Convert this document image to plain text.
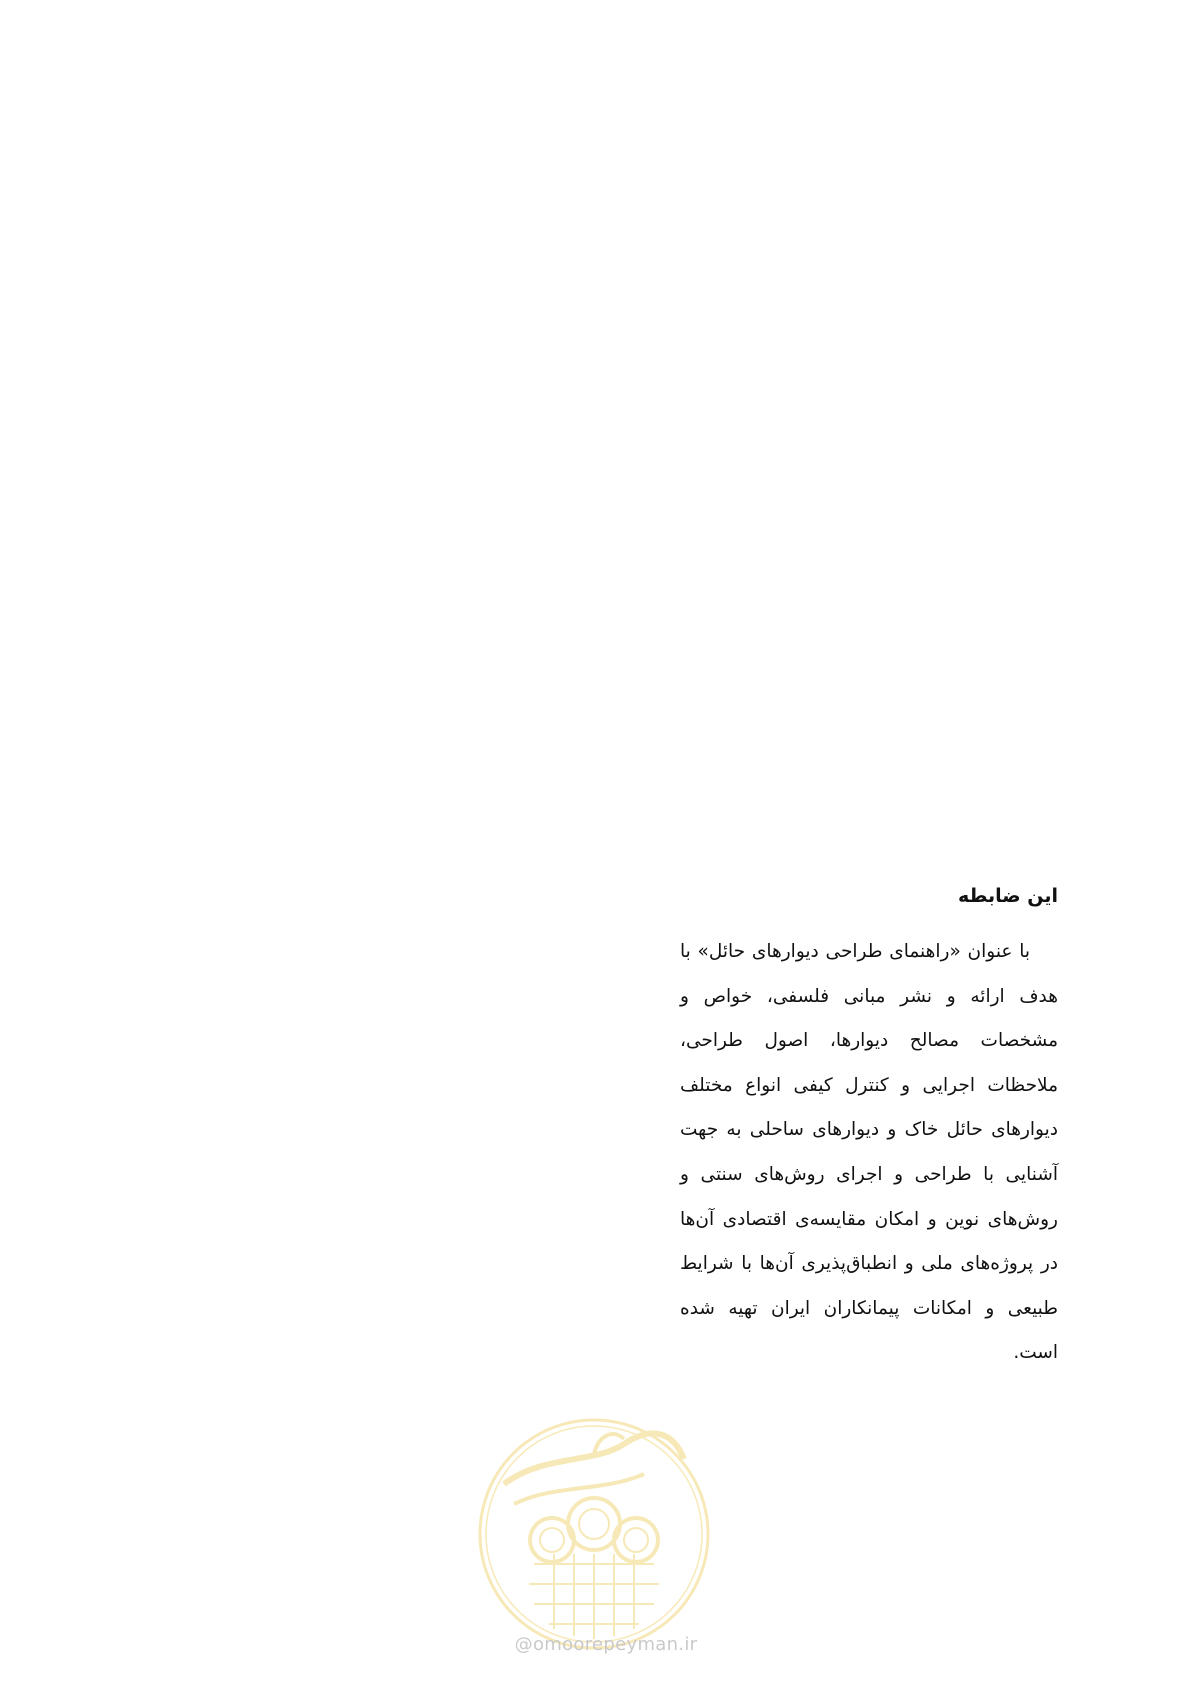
این ضابطه

با عنوان «راهنمای طراحی دیوارهای حائل» با هدف ارائه و نشر مبانی فلسفی، خواص و مشخصات مصالح دیوارها، اصول طراحی، ملاحظات اجرایی و کنترل کیفی انواع مختلف دیوارهای حائل خاک و دیوارهای ساحلی به جهت آشنایی با طراحی و اجرای روش‌های سنتی و روش‌های نوین و امکان مقایسه‌ی اقتصادی آن‌ها در پروژه‌های ملی و انطباق‌پذیری آن‌ها با شرایط طبیعی و امکانات پیمانکاران ایران تهیه شده است.

@omoorepeyman.ir
